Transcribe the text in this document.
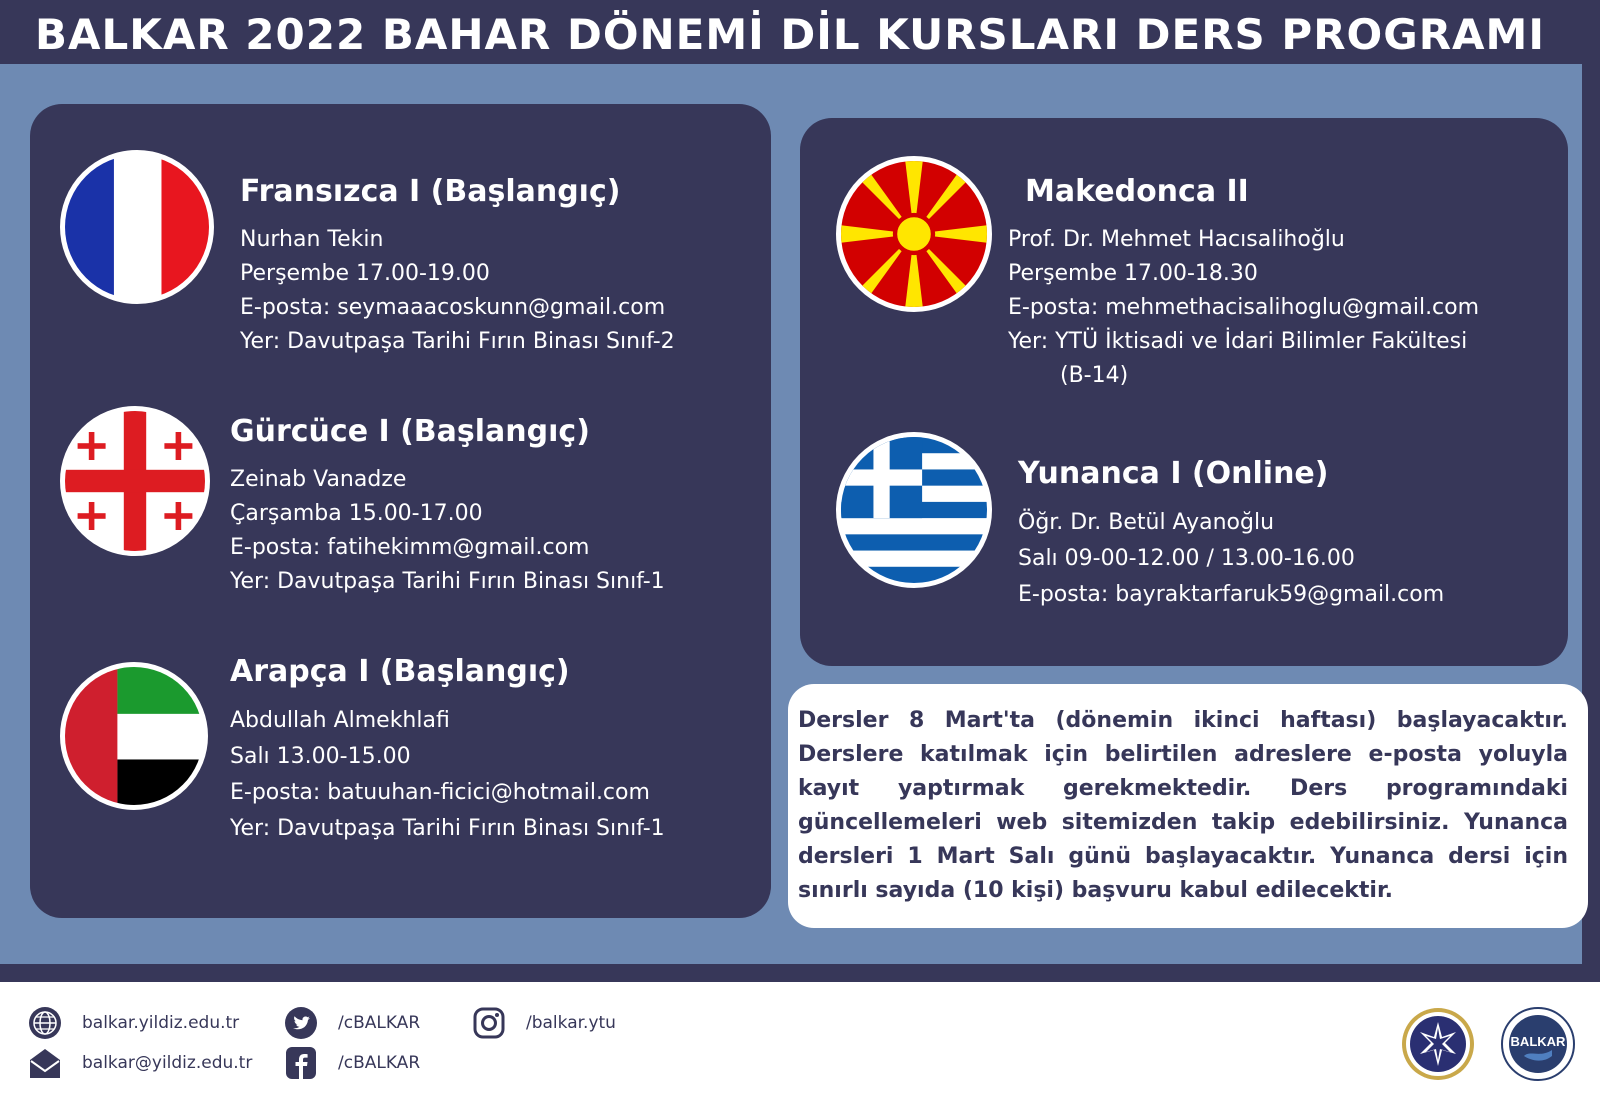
BALKAR 2022 BAHAR DÖNEMİ DİL KURSLARI DERS PROGRAMI
Fransızca I (Başlangıç)
Nurhan Tekin
Perşembe 17.00-19.00
E-posta: seymaaacoskunn@gmail.com
Yer: Davutpaşa Tarihi Fırın Binası Sınıf-2
Gürcüce I (Başlangıç)
Zeinab Vanadze
Çarşamba 15.00-17.00
E-posta: fatihekimm@gmail.com
Yer: Davutpaşa Tarihi Fırın Binası Sınıf-1
Arapça I (Başlangıç)
Abdullah Almekhlafi
Salı 13.00-15.00
E-posta: batuuhan-ficici@hotmail.com
Yer: Davutpaşa Tarihi Fırın Binası Sınıf-1
Makedonca II
Prof. Dr. Mehmet Hacısalihoğlu
Perşembe 17.00-18.30
E-posta: mehmethacisalihoglu@gmail.com
Yer: YTÜ İktisadi ve İdari Bilimler Fakültesi
(B-14)
Yunanca I (Online)
Öğr. Dr. Betül Ayanoğlu
Salı 09-00-12.00 / 13.00-16.00
E-posta: bayraktarfaruk59@gmail.com

Dersler 8 Mart'ta (dönemin ikinci haftası) başlayacaktır. Derslere katılmak için belirtilen adreslere e-posta yoluyla kayıt yaptırmak gerekmektedir. Ders programındaki güncellemeleri web sitemizden takip edebilirsiniz. Yunanca dersleri 1 Mart Salı günü başlayacaktır. Yunanca dersi için sınırlı sayıda (10 kişi) başvuru kabul edilecektir.

balkar.yildiz.edu.tr
balkar@yildiz.edu.tr
/cBALKAR
/cBALKAR
/balkar.ytu
BALKAR
